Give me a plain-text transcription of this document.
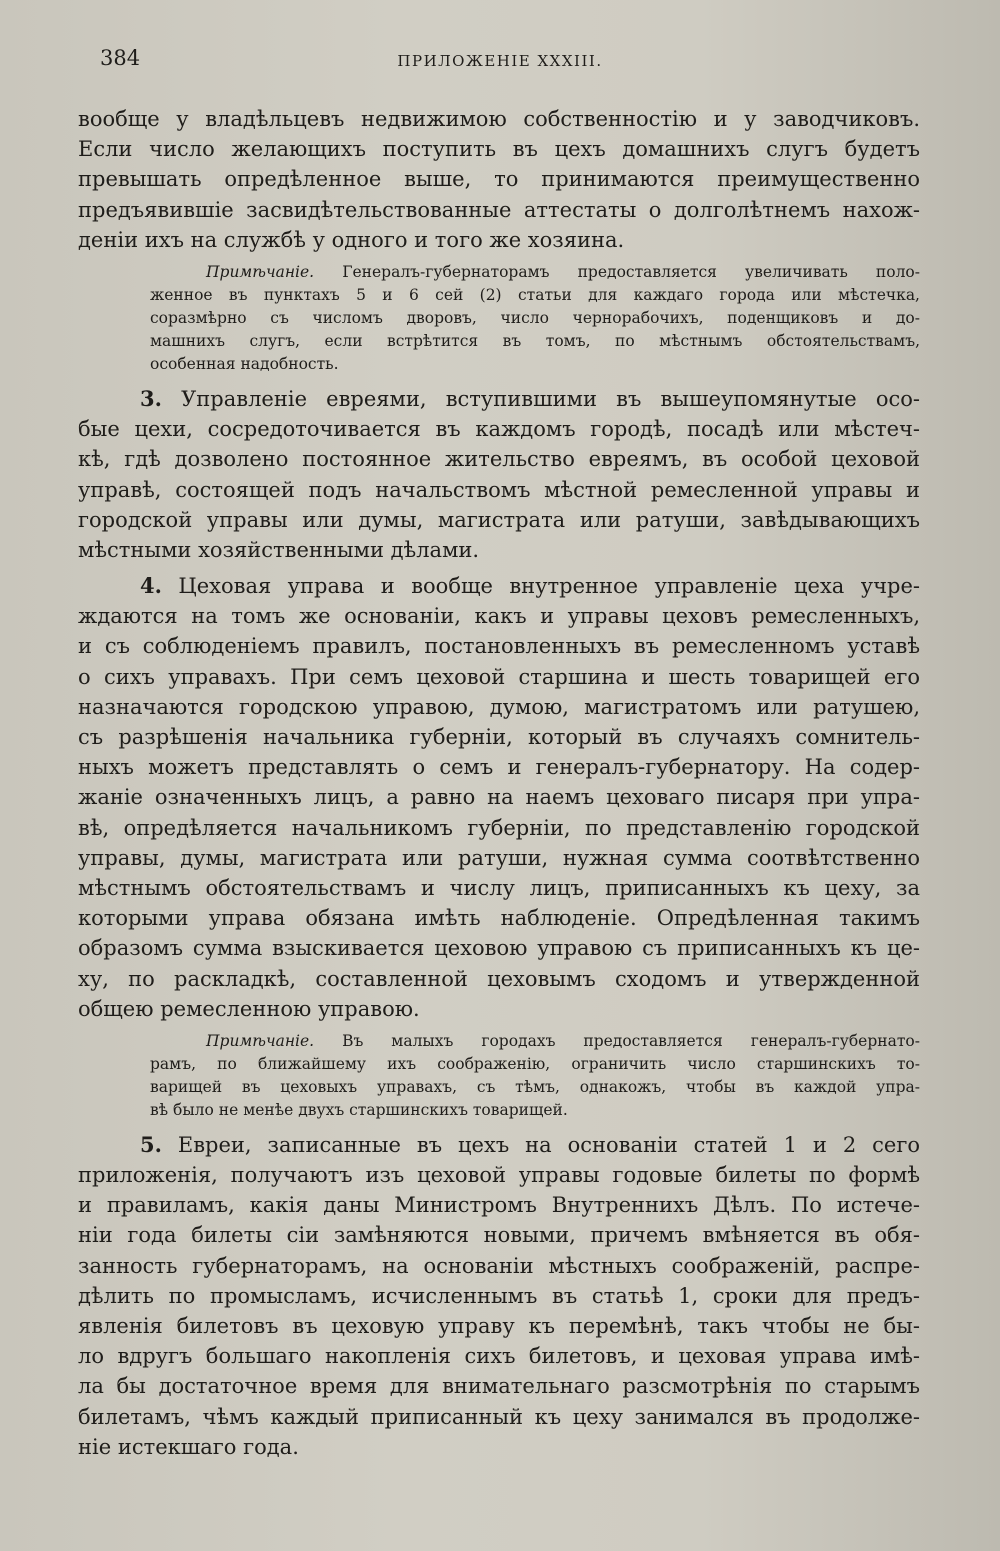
384	ПРИЛОЖЕНІЕ XXXIII.
вообще у владѣльцевъ недвижимою собственностію и у заводчиковъ.
Если число желающихъ поступить въ цехъ домашнихъ слугъ будетъ
превышать опредѣленное выше, то принимаются преимущественно
предъявившіе засвидѣтельствованные аттестаты о долголѣтнемъ нахож-
деніи ихъ на службѣ у одного и того же хозяина.
Примѣчаніе. Генералъ-губернаторамъ предоставляется увеличивать поло-
женное въ пунктахъ 5 и 6 сей (2) статьи для каждаго города или мѣстечка,
соразмѣрно съ числомъ дворовъ, число чернорабочихъ, поденщиковъ и до-
машнихъ слугъ, если встрѣтится въ томъ, по мѣстнымъ обстоятельствамъ,
особенная надобность.
3. Управленіе евреями, вступившими въ вышеупомянутые осо-
бые цехи, сосредоточивается въ каждомъ городѣ, посадѣ или мѣстеч-
кѣ, гдѣ дозволено постоянное жительство евреямъ, въ особой цеховой
управѣ, состоящей подъ начальствомъ мѣстной ремесленной управы и
городской управы или думы, магистрата или ратуши, завѣдывающихъ
мѣстными хозяйственными дѣлами.
4. Цеховая управа и вообще внутренное управленіе цеха учре-
ждаются на томъ же основаніи, какъ и управы цеховъ ремесленныхъ,
и съ соблюденіемъ правилъ, постановленныхъ въ ремесленномъ уставѣ
о сихъ управахъ. При семъ цеховой старшина и шесть товарищей его
назначаются городскою управою, думою, магистратомъ или ратушею,
съ разрѣшенія начальника губерніи, который въ случаяхъ сомнитель-
ныхъ можетъ представлять о семъ и генералъ-губернатору. На содер-
жаніе означенныхъ лицъ, а равно на наемъ цеховаго писаря при упра-
вѣ, опредѣляется начальникомъ губерніи, по представленію городской
управы, думы, магистрата или ратуши, нужная сумма соотвѣтственно
мѣстнымъ обстоятельствамъ и числу лицъ, приписанныхъ къ цеху, за
которыми управа обязана имѣть наблюденіе. Опредѣленная такимъ
образомъ сумма взыскивается цеховою управою съ приписанныхъ къ це-
ху, по раскладкѣ, составленной цеховымъ сходомъ и утвержденной
общею ремесленною управою.
Примѣчаніе. Въ малыхъ городахъ предоставляется генералъ-губернато-
рамъ, по ближайшему ихъ соображенію, ограничить число старшинскихъ то-
варищей въ цеховыхъ управахъ, съ тѣмъ, однакожъ, чтобы въ каждой упра-
вѣ было не менѣе двухъ старшинскихъ товарищей.
5. Евреи, записанные въ цехъ на основаніи статей 1 и 2 сего
приложенія, получаютъ изъ цеховой управы годовые билеты по формѣ
и правиламъ, какія даны Министромъ Внутреннихъ Дѣлъ. По истече-
ніи года билеты сіи замѣняются новыми, причемъ вмѣняется въ обя-
занность губернаторамъ, на основаніи мѣстныхъ соображеній, распре-
дѣлить по промысламъ, исчисленнымъ въ статьѣ 1, сроки для предъ-
явленія билетовъ въ цеховую управу къ перемѣнѣ, такъ чтобы не бы-
ло вдругъ большаго накопленія сихъ билетовъ, и цеховая управа имѣ-
ла бы достаточное время для внимательнаго разсмотрѣнія по старымъ
билетамъ, чѣмъ каждый приписанный къ цеху занимался въ продолже-
ніе истекшаго года.
